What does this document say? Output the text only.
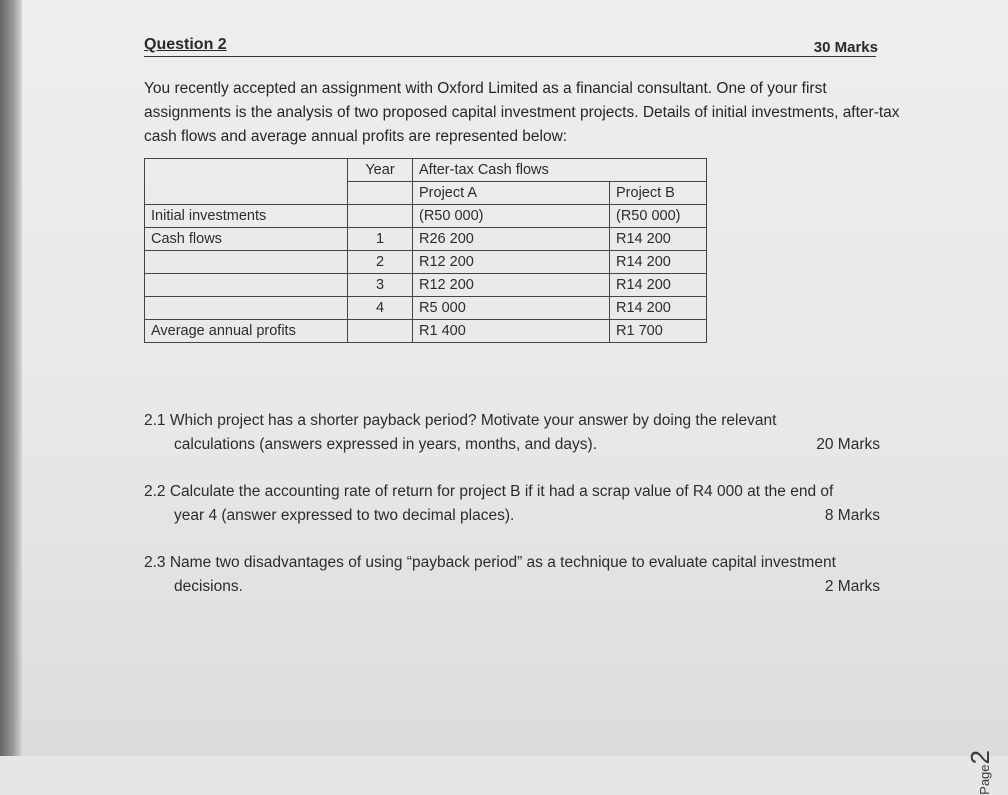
Question 2	30 Marks
You recently accepted an assignment with Oxford Limited as a financial consultant. One of your first assignments is the analysis of two proposed capital investment projects. Details of initial investments, after-tax cash flows and average annual profits are represented below:
	Year	After-tax Cash flows	
		Project A	Project B
Initial investments		(R50 000)	(R50 000)
Cash flows	1	R26 200	R14 200
	2	R12 200	R14 200
	3	R12 200	R14 200
	4	R5 000	R14 200
Average annual profits		R1 400	R1 700
2.1 Which project has a shorter payback period? Motivate your answer by doing the relevant
calculations (answers expressed in years, months, and days).	20 Marks
2.2 Calculate the accounting rate of return for project B if it had a scrap value of R4 000 at the end of
year 4 (answer expressed to two decimal places).	8 Marks
2.3 Name two disadvantages of using “payback period” as a technique to evaluate capital investment
decisions.	2 Marks
Page2
